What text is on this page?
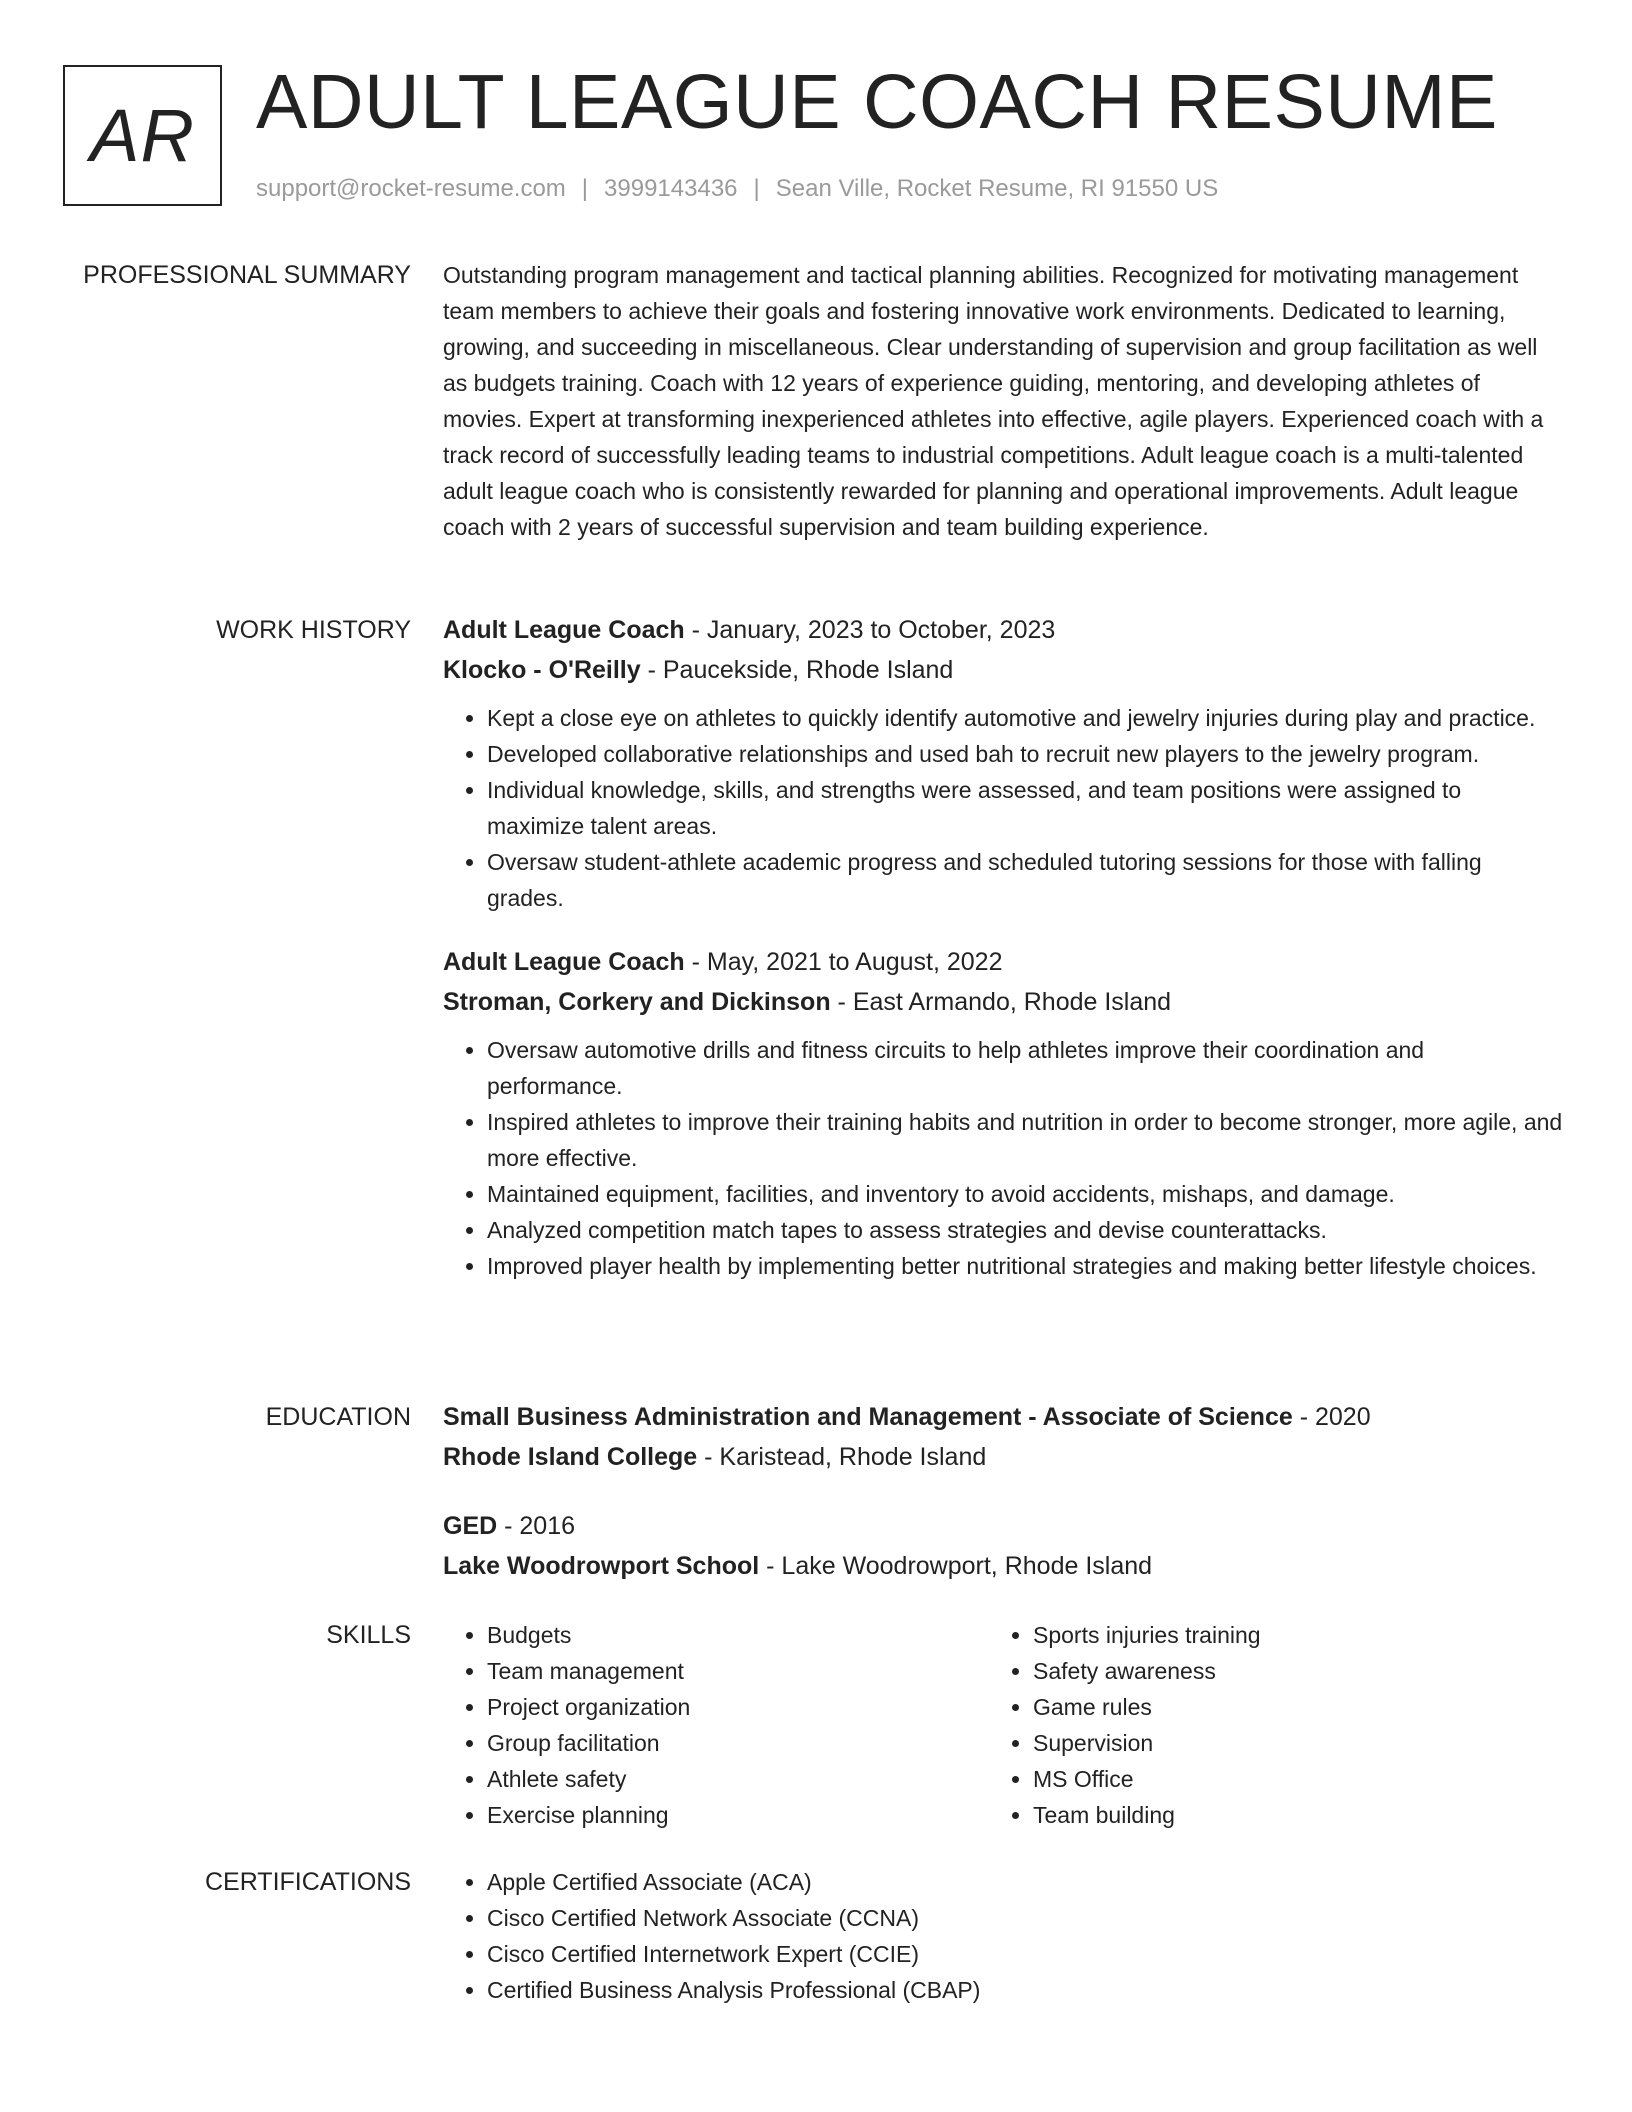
AR ADULT LEAGUE COACH RESUME
support@rocket-resume.com | 3999143436 | Sean Ville, Rocket Resume, RI 91550 US
PROFESSIONAL SUMMARY Outstanding program management and tactical planning abilities. Recognized for motivating management team members to achieve their goals and fostering innovative work environments. Dedicated to learning, growing, and succeeding in miscellaneous. Clear understanding of supervision and group facilitation as well as budgets training. Coach with 12 years of experience guiding, mentoring, and developing athletes of movies. Expert at transforming inexperienced athletes into effective, agile players. Experienced coach with a track record of successfully leading teams to industrial competitions. Adult league coach is a multi-talented adult league coach who is consistently rewarded for planning and operational improvements. Adult league coach with 2 years of successful supervision and team building experience.

WORK HISTORY Adult League Coach - January, 2023 to October, 2023
Klocko - O'Reilly - Paucekside, Rhode Island
• Kept a close eye on athletes to quickly identify automotive and jewelry injuries during play and practice.
• Developed collaborative relationships and used bah to recruit new players to the jewelry program.
• Individual knowledge, skills, and strengths were assessed, and team positions were assigned to maximize talent areas.
• Oversaw student-athlete academic progress and scheduled tutoring sessions for those with falling grades.
Adult League Coach - May, 2021 to August, 2022
Stroman, Corkery and Dickinson - East Armando, Rhode Island
• Oversaw automotive drills and fitness circuits to help athletes improve their coordination and performance.
• Inspired athletes to improve their training habits and nutrition in order to become stronger, more agile, and more effective.
• Maintained equipment, facilities, and inventory to avoid accidents, mishaps, and damage.
• Analyzed competition match tapes to assess strategies and devise counterattacks.
• Improved player health by implementing better nutritional strategies and making better lifestyle choices.
EDUCATION Small Business Administration and Management - Associate of Science - 2020
Rhode Island College - Karistead, Rhode Island
GED - 2016
Lake Woodrowport School - Lake Woodrowport, Rhode Island
SKILLS	• Budgets
• Team management
• Project organization
• Group facilitation
• Athlete safety
• Exercise planning
• Sports injuries training
• Safety awareness
• Game rules
• Supervision
• MS Office
• Team building
CERTIFICATIONS	• Apple Certified Associate (ACA)
• Cisco Certified Network Associate (CCNA)
• Cisco Certified Internetwork Expert (CCIE)
• Certified Business Analysis Professional (CBAP)
